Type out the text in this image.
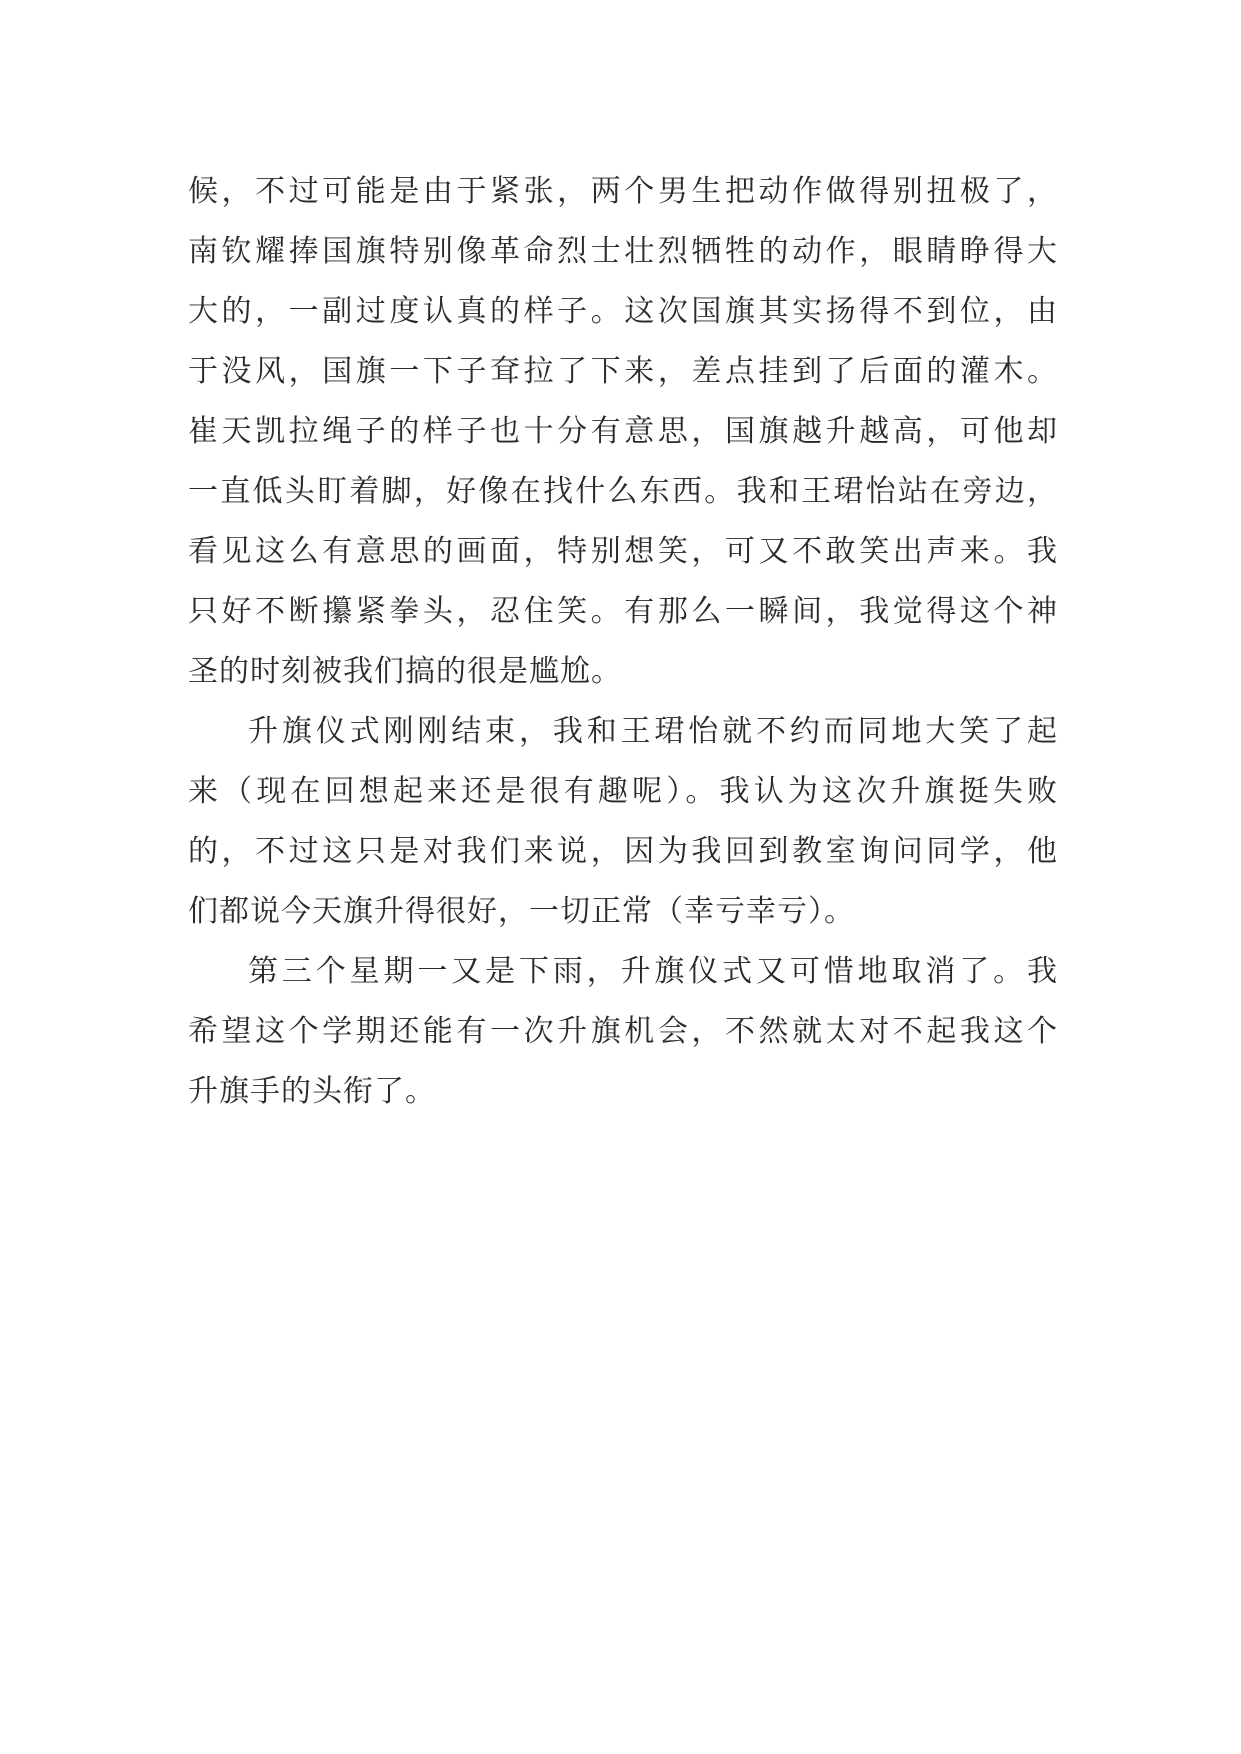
候，不过可能是由于紧张，两个男生把动作做得别扭极了，
南钦耀捧国旗特别像革命烈士壮烈牺牲的动作，眼睛睁得大
大的，一副过度认真的样子。这次国旗其实扬得不到位，由
于没风，国旗一下子耷拉了下来，差点挂到了后面的灌木。
崔天凯拉绳子的样子也十分有意思，国旗越升越高，可他却
一直低头盯着脚，好像在找什么东西。我和王珺怡站在旁边，
看见这么有意思的画面，特别想笑，可又不敢笑出声来。我
只好不断攥紧拳头，忍住笑。有那么一瞬间，我觉得这个神
圣的时刻被我们搞的很是尴尬。
升旗仪式刚刚结束，我和王珺怡就不约而同地大笑了起
来（现在回想起来还是很有趣呢）。我认为这次升旗挺失败
的，不过这只是对我们来说，因为我回到教室询问同学，他
们都说今天旗升得很好，一切正常（幸亏幸亏）。
第三个星期一又是下雨，升旗仪式又可惜地取消了。我
希望这个学期还能有一次升旗机会，不然就太对不起我这个
升旗手的头衔了。
